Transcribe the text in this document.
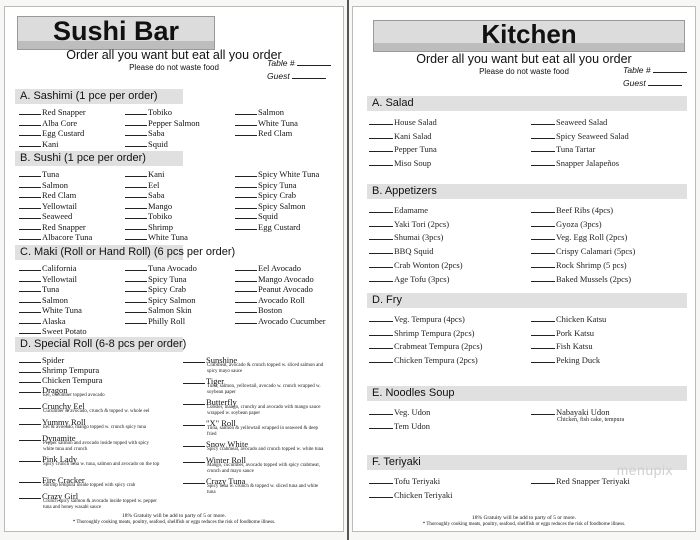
Sushi Bar
Order all you want but eat all you order
Please do not waste food	Table #
Guest
A. Sashimi (1 pce per order)
Red Snapper
Alba Core
Egg Custard
Kani
Tobiko
Pepper Salmon
Saba
Squid
Salmon
White Tuna
Red Clam
B. Sushi (1 pce per order)
Tuna
Salmon
Red Clam
Yellowtail
Seaweed
Red Snapper
Albacore Tuna
Kani
Eel
Saba
Mango
Tobiko
Shrimp
White Tuna
Spicy White Tuna
Spicy Tuna
Spicy Crab
Spicy Salmon
Squid
Egg Custard
C. Maki (Roll or Hand Roll) (6 pcs per order)
California
Yellowtail
Tuna
Salmon
White Tuna
Alaska
Sweet Potato
Tuna Avocado
Spicy Tuna
Spicy Crab
Spicy Salmon
Salmon Skin
Philly Roll
Eel Avocado
Mango Avocado
Peanut Avocado
Avocado Roll
Boston
Avocado Cucumber
D. Special Roll (6-8 pcs per order)
Spider
Shrimp Tempura
Chicken Tempura
Dragon
Eel, cucumber topped avocado
Crunchy Eel
Cucumber & avocado, crunch & topped w. whole eel
Yummy Roll
Eel & avocado, mango topped w. crunch spicy tuna
Dynamite
Pepper salmon and avocado inside topped with spicy white tuna and crunch
Pink Lady
Spicy crunch tuna w. tuna, salmon and avocado on the top
Fire Cracker
Shrimp tempura inside topped with spicy crab
Crazy Girl
Crunch spicy salmon & avocado inside topped w. pepper tuna and honey wasabi sauce
Sunshine
Crabmeat, avocado & crunch topped w. sliced salmon and spicy mayo sauce
Tiger
Tuna, salmon, yellowtail, avocado w. crunch wrapped w. soybean paper
Butterfly
Lobster, mango, crunchy and avocado with mango sauce wrapped w. soybean paper
"X" Roll
Tuna, salmon & yellowtail wrapped in seaweed & deep fried
Snow White
Spicy crabmeat, avocado and crunch topped w. white tuna
Winter Roll
Mango, cucumber, avocado topped with spicy crabmeat, crunch and mayo sauce
Crazy Tuna
Spicy tuna w. crunch & topped w. sliced tuna and white tuna
18% Gratuity will be add to party of 5 or more.
* Thoroughly cooking meats, poultry, seafood, shellfish or eggs reduces the risk of foodborne illness.
Kitchen
Order all you want but eat all you order
Please do not waste food	Table #
Guest
A. Salad
House Salad
Kani Salad
Pepper Tuna
Miso Soup
Seaweed Salad
Spicy Seaweed Salad
Tuna Tartar
Snapper Jalapeños
B. Appetizers
Edamame
Yaki Tori (2pcs)
Shumai (3pcs)
BBQ Squid
Crab Wonton (2pcs)
Age Tofu (3pcs)
Beef Ribs (4pcs)
Gyoza (3pcs)
Veg. Egg Roll (2pcs)
Crispy Calamari (5pcs)
Rock Shrimp (5 pcs)
Baked Mussels (2pcs)
D. Fry
Veg. Tempura (4pcs)
Shrimp Tempura (2pcs)
Crabmeat Tempura (2pcs)
Chicken Tempura (2pcs)
Chicken Katsu
Pork Katsu
Fish Katsu
Peking Duck
E. Noodles Soup
Veg. Udon
Tem Udon
Nabayaki Udon
Chicken, fish cake, tempura
F. Teriyaki
Tofu Teriyaki
Chicken Teriyaki
Red Snapper Teriyaki
menupix
18% Gratuity will be add to party of 5 or more.
* Thoroughly cooking meats, poultry, seafood, shellfish or eggs reduces the risk of foodborne illness.
